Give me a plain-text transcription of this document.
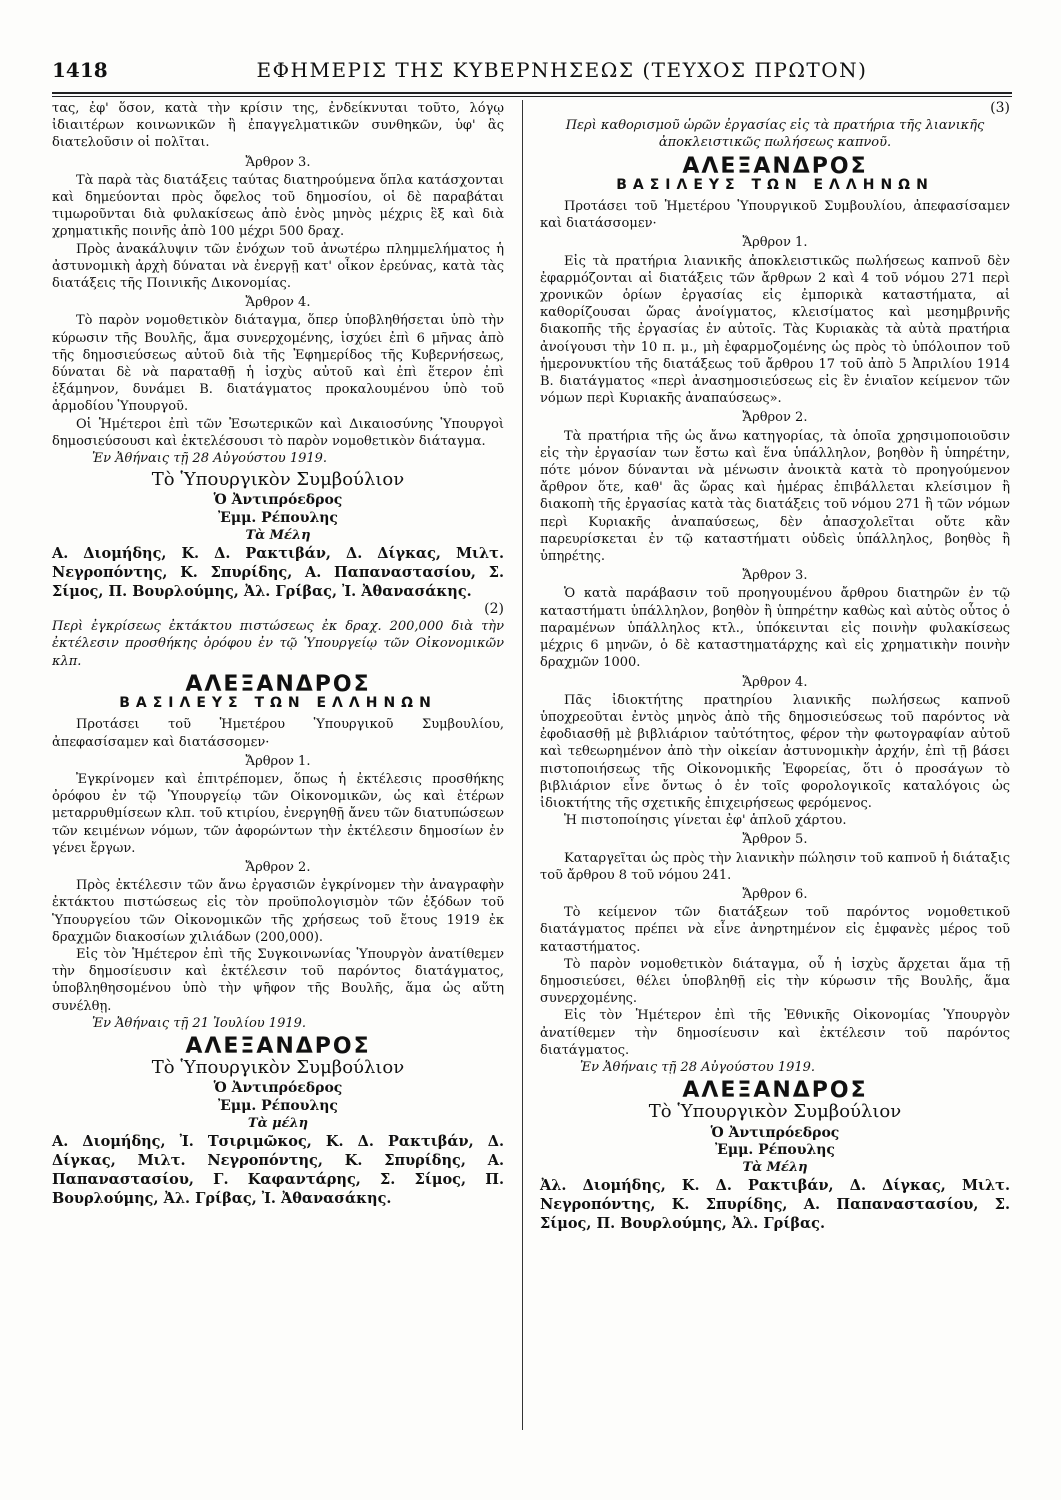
1418	ΕΦΗΜΕΡΙΣ ΤΗΣ ΚΥΒΕΡΝΗΣΕΩΣ (ΤΕΥΧΟΣ ΠΡΩΤΟΝ)

τας, ἐφ' ὅσον, κατὰ τὴν κρίσιν της, ἐνδείκνυται τοῦτο, λόγῳ ἰδιαιτέρων κοινωνικῶν ἢ ἐπαγγελματικῶν συνθηκῶν, ὑφ' ἃς διατελοῦσιν οἱ πολῖται.

Ἄρθρον 3.

Τὰ παρὰ τὰς διατάξεις ταύτας διατηρούμενα ὅπλα κατάσχονται καὶ δημεύονται πρὸς ὄφελος τοῦ δημοσίου, οἱ δὲ παραβάται τιμωροῦνται διὰ φυλακίσεως ἀπὸ ἑνὸς μηνὸς μέχρις ἓξ καὶ διὰ χρηματικῆς ποινῆς ἀπὸ 100 μέχρι 500 δραχ.

Πρὸς ἀνακάλυψιν τῶν ἐνόχων τοῦ ἀνωτέρω πλημμελήματος ἡ ἀστυνομικὴ ἀρχὴ δύναται νὰ ἐνεργῇ κατ' οἶκον ἐρεύνας, κατὰ τὰς διατάξεις τῆς Ποινικῆς Δικονομίας.

Ἄρθρον 4.

Τὸ παρὸν νομοθετικὸν διάταγμα, ὅπερ ὑποβληθήσεται ὑπὸ τὴν κύρωσιν τῆς Βουλῆς, ἅμα συνερχομένης, ἰσχύει ἐπὶ 6 μῆνας ἀπὸ τῆς δημοσιεύσεως αὐτοῦ διὰ τῆς Ἐφημερίδος τῆς Κυβερνήσεως, δύναται δὲ νὰ παραταθῇ ἡ ἰσχὺς αὐτοῦ καὶ ἐπὶ ἕτερον ἐπὶ ἑξάμηνον, δυνάμει Β. διατάγματος προκαλουμένου ὑπὸ τοῦ ἁρμοδίου Ὑπουργοῦ.

Οἱ Ἡμέτεροι ἐπὶ τῶν Ἐσωτερικῶν καὶ Δικαιοσύνης Ὑπουργοὶ δημοσιεύσουσι καὶ ἐκτελέσουσι τὸ παρὸν νομοθετικὸν διάταγμα.

Ἐν Ἀθήναις τῇ 28 Αὐγούστου 1919.
Τὸ Ὑπουργικὸν Συμβούλιον
Ὁ Ἀντιπρόεδρος
Ἐμμ. Ρέπουλης
Τὰ Μέλη
Α. Διομήδης, Κ. Δ. Ρακτιβάν, Δ. Δίγκας, Μιλτ. Νεγροπόντης, Κ. Σπυρίδης, Α. Παπαναστασίου, Σ. Σίμος, Π. Βουρλούμης, Ἀλ. Γρίβας, Ἰ. Ἀθανασάκης.
(2)
Περὶ ἐγκρίσεως ἐκτάκτου πιστώσεως ἐκ δραχ. 200,000 διὰ τὴν ἐκτέλεσιν προσθήκης ὀρόφου ἐν τῷ Ὑπουργείῳ τῶν Οἰκονομικῶν κλπ.
ΑΛΕΞΑΝΔΡΟΣ
ΒΑΣΙΛΕΥΣ ΤΩΝ ΕΛΛΗΝΩΝ

Προτάσει τοῦ Ἡμετέρου Ὑπουργικοῦ Συμβουλίου, ἀπεφασίσαμεν καὶ διατάσσομεν·

Ἄρθρον 1.

Ἐγκρίνομεν καὶ ἐπιτρέπομεν, ὅπως ἡ ἐκτέλεσις προσθήκης ὀρόφου ἐν τῷ Ὑπουργείῳ τῶν Οἰκονομικῶν, ὡς καὶ ἑτέρων μεταρρυθμίσεων κλπ. τοῦ κτιρίου, ἐνεργηθῇ ἄνευ τῶν διατυπώσεων τῶν κειμένων νόμων, τῶν ἀφορώντων τὴν ἐκτέλεσιν δημοσίων ἐν γένει ἔργων.

Ἄρθρον 2.

Πρὸς ἐκτέλεσιν τῶν ἄνω ἐργασιῶν ἐγκρίνομεν τὴν ἀναγραφὴν ἐκτάκτου πιστώσεως εἰς τὸν προϋπολογισμὸν τῶν ἐξόδων τοῦ Ὑπουργείου τῶν Οἰκονομικῶν τῆς χρήσεως τοῦ ἔτους 1919 ἐκ δραχμῶν διακοσίων χιλιάδων (200,000).

Εἰς τὸν Ἡμέτερον ἐπὶ τῆς Συγκοινωνίας Ὑπουργὸν ἀνατίθεμεν τὴν δημοσίευσιν καὶ ἐκτέλεσιν τοῦ παρόντος διατάγματος, ὑποβληθησομένου ὑπὸ τὴν ψῆφον τῆς Βουλῆς, ἅμα ὡς αὕτη συνέλθῃ.

Ἐν Ἀθήναις τῇ 21 Ἰουλίου 1919.
ΑΛΕΞΑΝΔΡΟΣ
Τὸ Ὑπουργικὸν Συμβούλιον
Ὁ Ἀντιπρόεδρος
Ἐμμ. Ρέπουλης
Τὰ μέλη
Α. Διομήδης, Ἰ. Τσιριμῶκος, Κ. Δ. Ρακτιβάν, Δ. Δίγκας, Μιλτ. Νεγροπόντης, Κ. Σπυρίδης, Α. Παπαναστασίου, Γ. Καφαντάρης, Σ. Σίμος, Π. Βουρλούμης, Ἀλ. Γρίβας, Ἰ. Ἀθανασάκης.
(3)
Περὶ καθορισμοῦ ὡρῶν ἐργασίας εἰς τὰ πρατήρια τῆς λιανικῆς ἀποκλειστικῶς πωλήσεως καπνοῦ.
ΑΛΕΞΑΝΔΡΟΣ
ΒΑΣΙΛΕΥΣ ΤΩΝ ΕΛΛΗΝΩΝ

Προτάσει τοῦ Ἡμετέρου Ὑπουργικοῦ Συμβουλίου, ἀπεφασίσαμεν καὶ διατάσσομεν·

Ἄρθρον 1.

Εἰς τὰ πρατήρια λιανικῆς ἀποκλειστικῶς πωλήσεως καπνοῦ δὲν ἐφαρμόζονται αἱ διατάξεις τῶν ἄρθρων 2 καὶ 4 τοῦ νόμου 271 περὶ χρονικῶν ὁρίων ἐργασίας εἰς ἐμπορικὰ καταστήματα, αἱ καθορίζουσαι ὥρας ἀνοίγματος, κλεισίματος καὶ μεσημβρινῆς διακοπῆς τῆς ἐργασίας ἐν αὐτοῖς. Τὰς Κυριακὰς τὰ αὐτὰ πρατήρια ἀνοίγουσι τὴν 10 π. μ., μὴ ἐφαρμοζομένης ὡς πρὸς τὸ ὑπόλοιπον τοῦ ἡμερονυκτίου τῆς διατάξεως τοῦ ἄρθρου 17 τοῦ ἀπὸ 5 Ἀπριλίου 1914 Β. διατάγματος «περὶ ἀνασημοσιεύσεως εἰς ἓν ἑνιαῖον κείμενον τῶν νόμων περὶ Κυριακῆς ἀναπαύσεως».

Ἄρθρον 2.

Τὰ πρατήρια τῆς ὡς ἄνω κατηγορίας, τὰ ὁποῖα χρησιμοποιοῦσιν εἰς τὴν ἐργασίαν των ἔστω καὶ ἕνα ὑπάλληλον, βοηθὸν ἢ ὑπηρέτην, πότε μόνον δύνανται νὰ μένωσιν ἀνοικτὰ κατὰ τὸ προηγούμενον ἄρθρον ὅτε, καθ' ἃς ὥρας καὶ ἡμέρας ἐπιβάλλεται κλείσιμον ἢ διακοπὴ τῆς ἐργασίας κατὰ τὰς διατάξεις τοῦ νόμου 271 ἢ τῶν νόμων περὶ Κυριακῆς ἀναπαύσεως, δὲν ἀπασχολεῖται οὔτε κἂν παρευρίσκεται ἐν τῷ καταστήματι οὐδεὶς ὑπάλληλος, βοηθὸς ἢ ὑπηρέτης.

Ἄρθρον 3.

Ὁ κατὰ παράβασιν τοῦ προηγουμένου ἄρθρου διατηρῶν ἐν τῷ καταστήματι ὑπάλληλον, βοηθὸν ἢ ὑπηρέτην καθὼς καὶ αὐτὸς οὗτος ὁ παραμένων ὑπάλληλος κτλ., ὑπόκεινται εἰς ποινὴν φυλακίσεως μέχρις 6 μηνῶν, ὁ δὲ καταστηματάρχης καὶ εἰς χρηματικὴν ποινὴν δραχμῶν 1000.

Ἄρθρον 4.

Πᾶς ἰδιοκτήτης πρατηρίου λιανικῆς πωλήσεως καπνοῦ ὑποχρεοῦται ἐντὸς μηνὸς ἀπὸ τῆς δημοσιεύσεως τοῦ παρόντος νὰ ἐφοδιασθῇ μὲ βιβλιάριον ταὐτότητος, φέρον τὴν φωτογραφίαν αὐτοῦ καὶ τεθεωρημένον ἀπὸ τὴν οἰκείαν ἀστυνομικὴν ἀρχήν, ἐπὶ τῇ βάσει πιστοποιήσεως τῆς Οἰκονομικῆς Ἐφορείας, ὅτι ὁ προσάγων τὸ βιβλιάριον εἶνε ὄντως ὁ ἐν τοῖς φορολογικοῖς καταλόγοις ὡς ἰδιοκτήτης τῆς σχετικῆς ἐπιχειρήσεως φερόμενος.

Ἡ πιστοποίησις γίνεται ἐφ' ἁπλοῦ χάρτου.

Ἄρθρον 5.

Καταργεῖται ὡς πρὸς τὴν λιανικὴν πώλησιν τοῦ καπνοῦ ἡ διάταξις τοῦ ἄρθρου 8 τοῦ νόμου 241.

Ἄρθρον 6.

Τὸ κείμενον τῶν διατάξεων τοῦ παρόντος νομοθετικοῦ διατάγματος πρέπει νὰ εἶνε ἀνηρτημένον εἰς ἐμφανὲς μέρος τοῦ καταστήματος.

Τὸ παρὸν νομοθετικὸν διάταγμα, οὗ ἡ ἰσχὺς ἄρχεται ἅμα τῇ δημοσιεύσει, θέλει ὑποβληθῇ εἰς τὴν κύρωσιν τῆς Βουλῆς, ἅμα συνερχομένης.

Εἰς τὸν Ἡμέτερον ἐπὶ τῆς Ἐθνικῆς Οἰκονομίας Ὑπουργὸν ἀνατίθεμεν τὴν δημοσίευσιν καὶ ἐκτέλεσιν τοῦ παρόντος διατάγματος.

Ἐν Ἀθήναις τῇ 28 Αὐγούστου 1919.
ΑΛΕΞΑΝΔΡΟΣ
Τὸ Ὑπουργικὸν Συμβούλιον
Ὁ Ἀντιπρόεδρος
Ἐμμ. Ρέπουλης
Τὰ Μέλη
Ἀλ. Διομήδης, Κ. Δ. Ρακτιβάν, Δ. Δίγκας, Μιλτ. Νεγροπόντης, Κ. Σπυρίδης, Α. Παπαναστασίου, Σ. Σίμος, Π. Βουρλούμης, Ἀλ. Γρίβας.
